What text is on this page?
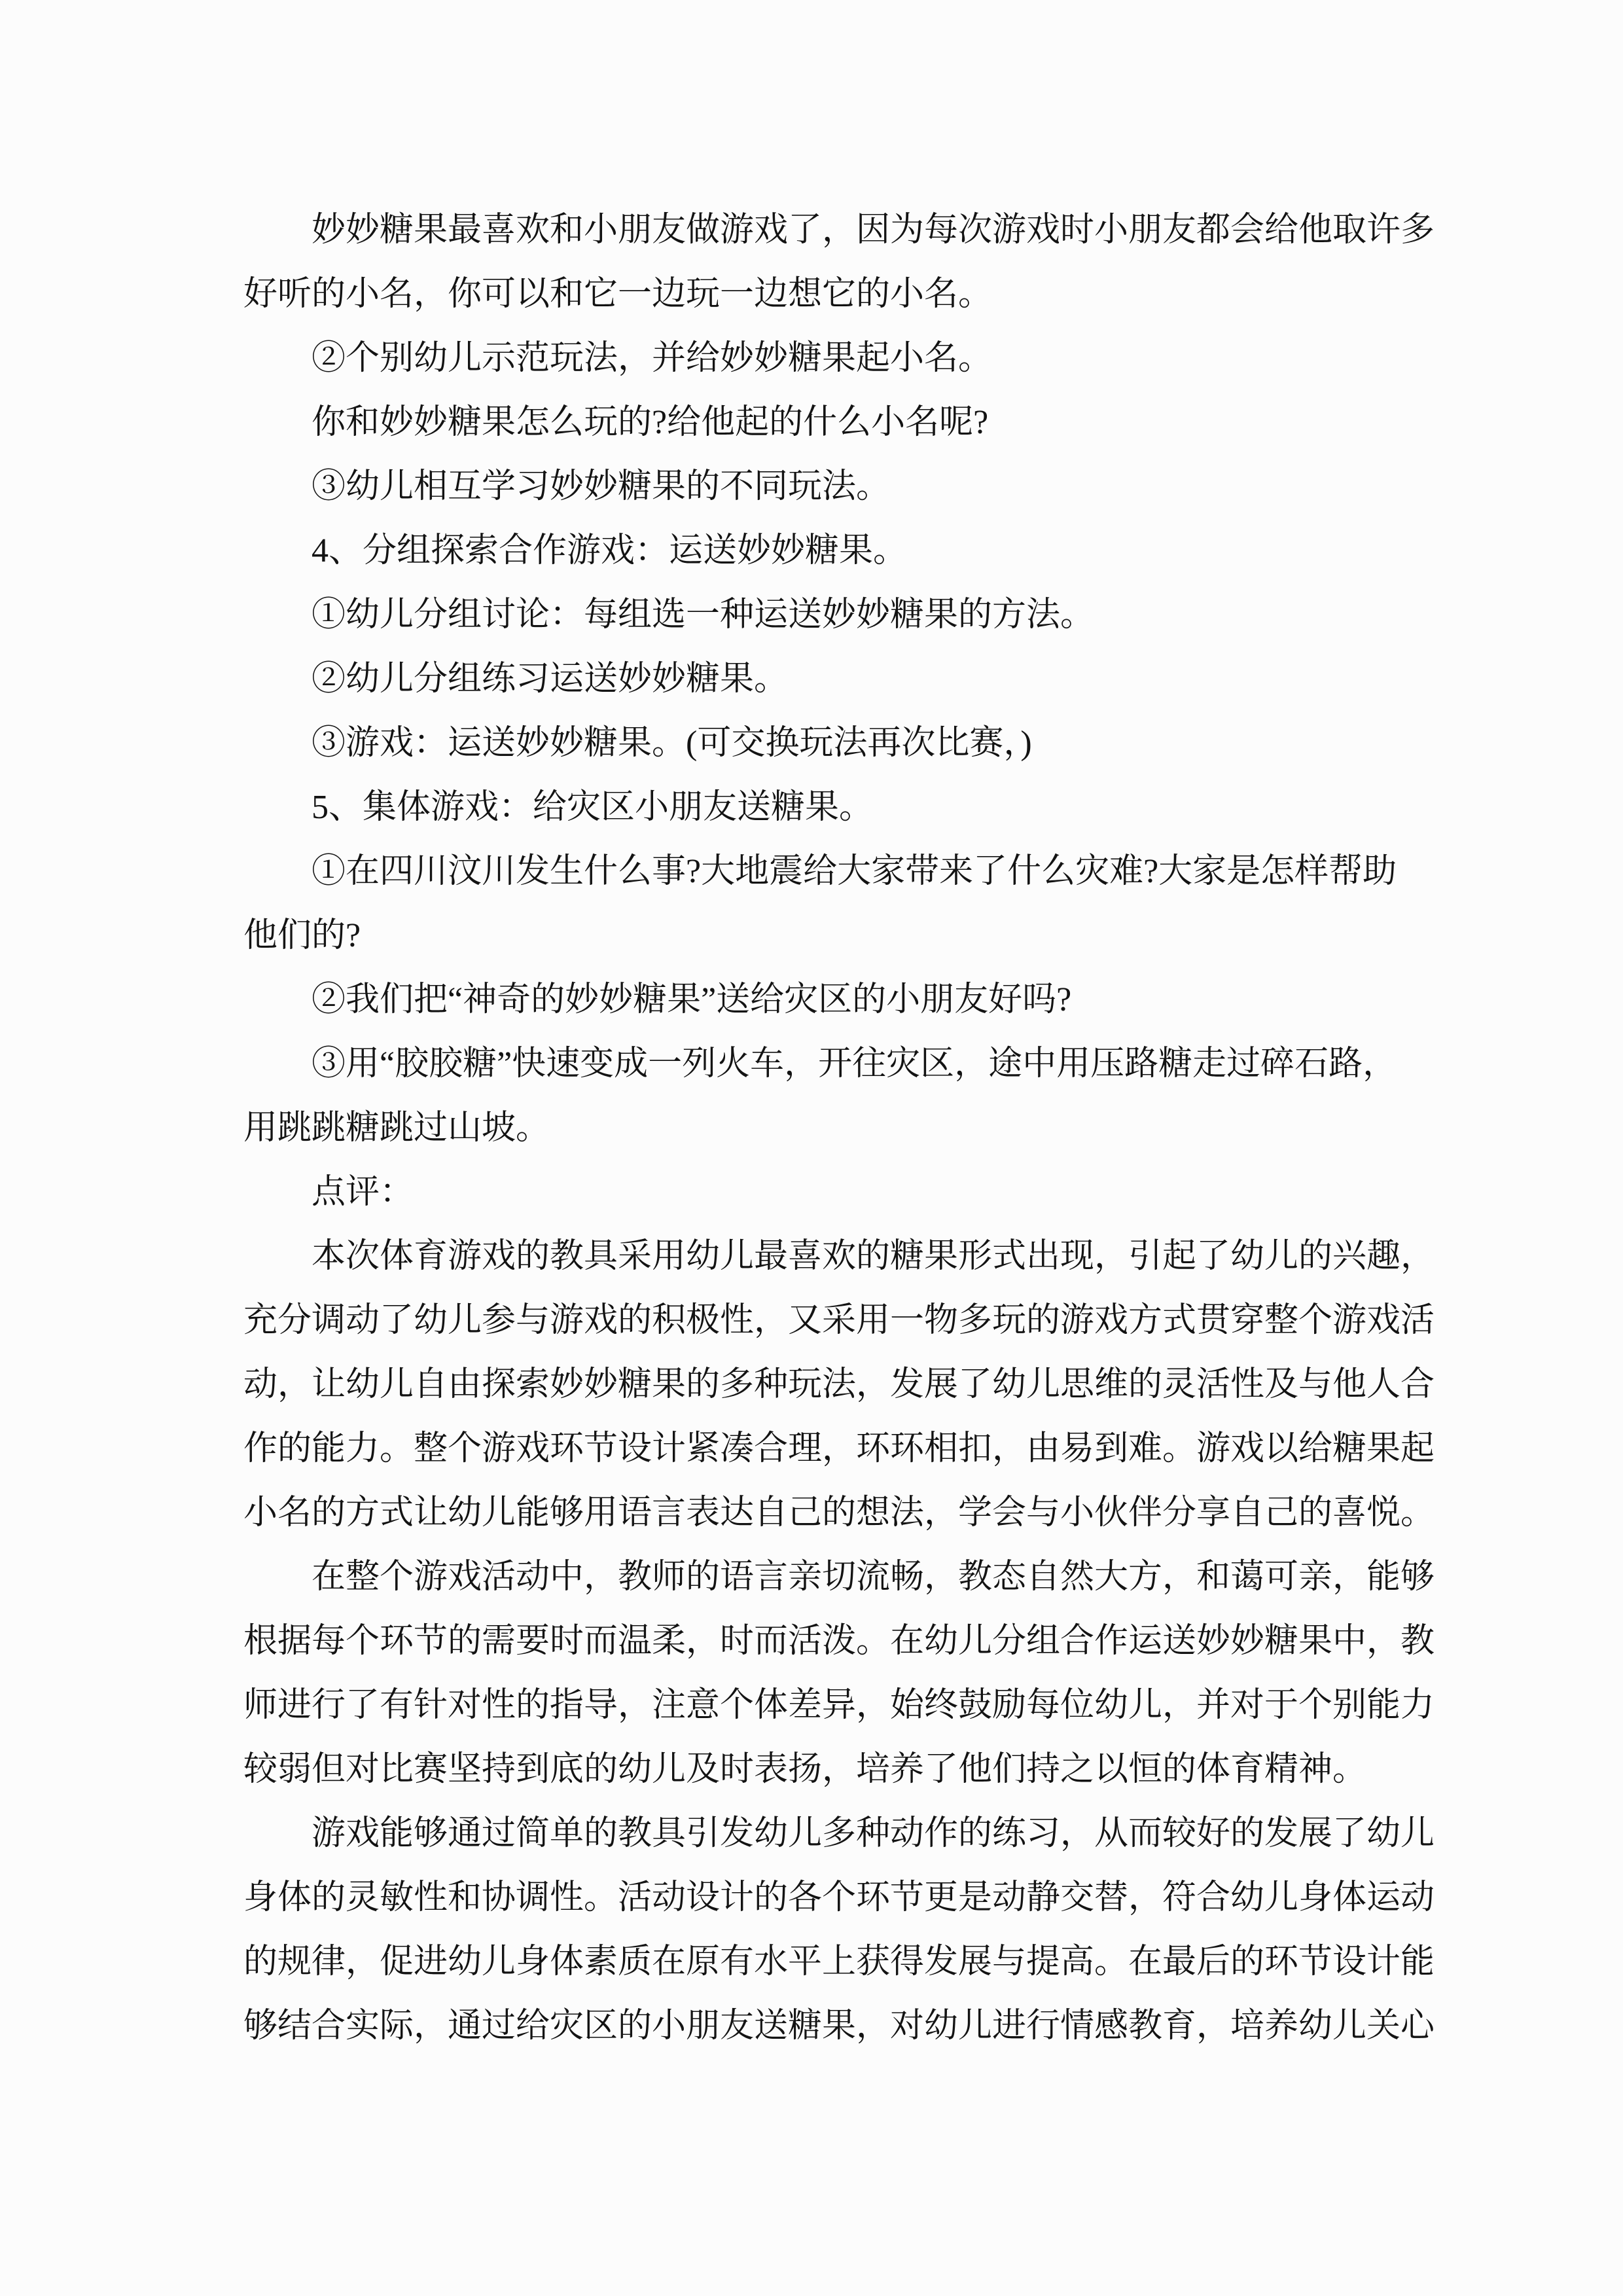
　　妙妙糖果最喜欢和小朋友做游戏了，因为每次游戏时小朋友都会给他取许多
好听的小名，你可以和它一边玩一边想它的小名。
　　②个别幼儿示范玩法，并给妙妙糖果起小名。
　　你和妙妙糖果怎么玩的?给他起的什么小名呢?
　　③幼儿相互学习妙妙糖果的不同玩法。
　　4、分组探索合作游戏：运送妙妙糖果。
　　①幼儿分组讨论：每组选一种运送妙妙糖果的方法。
　　②幼儿分组练习运送妙妙糖果。
　　③游戏：运送妙妙糖果。(可交换玩法再次比赛，)
　　5、集体游戏：给灾区小朋友送糖果。
　　①在四川汶川发生什么事?大地震给大家带来了什么灾难?大家是怎样帮助
他们的?
　　②我们把“神奇的妙妙糖果”送给灾区的小朋友好吗?
　　③用“胶胶糖”快速变成一列火车，开往灾区，途中用压路糖走过碎石路，
用跳跳糖跳过山坡。
　　点评：
　　本次体育游戏的教具采用幼儿最喜欢的糖果形式出现，引起了幼儿的兴趣，
充分调动了幼儿参与游戏的积极性，又采用一物多玩的游戏方式贯穿整个游戏活
动，让幼儿自由探索妙妙糖果的多种玩法，发展了幼儿思维的灵活性及与他人合
作的能力。整个游戏环节设计紧凑合理，环环相扣，由易到难。游戏以给糖果起
小名的方式让幼儿能够用语言表达自己的想法，学会与小伙伴分享自己的喜悦。
　　在整个游戏活动中，教师的语言亲切流畅，教态自然大方，和蔼可亲，能够
根据每个环节的需要时而温柔，时而活泼。在幼儿分组合作运送妙妙糖果中，教
师进行了有针对性的指导，注意个体差异，始终鼓励每位幼儿，并对于个别能力
较弱但对比赛坚持到底的幼儿及时表扬，培养了他们持之以恒的体育精神。
　　游戏能够通过简单的教具引发幼儿多种动作的练习，从而较好的发展了幼儿
身体的灵敏性和协调性。活动设计的各个环节更是动静交替，符合幼儿身体运动
的规律，促进幼儿身体素质在原有水平上获得发展与提高。在最后的环节设计能
够结合实际，通过给灾区的小朋友送糖果，对幼儿进行情感教育，培养幼儿关心
